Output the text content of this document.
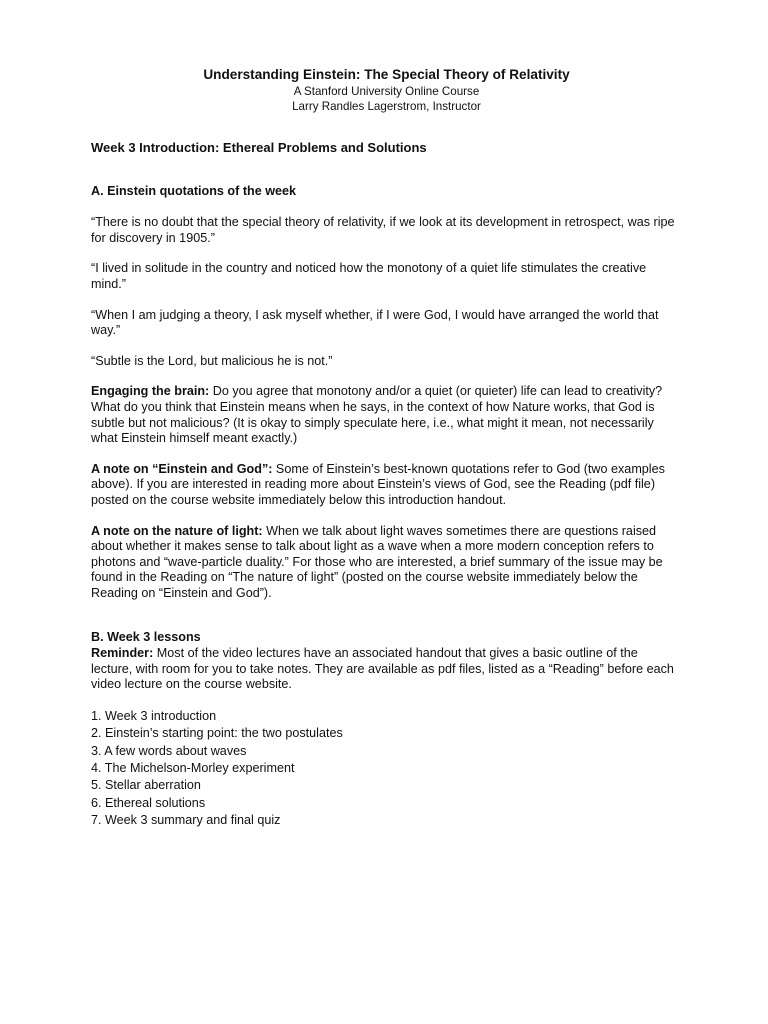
Understanding Einstein: The Special Theory of Relativity
A Stanford University Online Course
Larry Randles Lagerstrom, Instructor
Week 3 Introduction: Ethereal Problems and Solutions
A. Einstein quotations of the week

“There is no doubt that the special theory of relativity, if we look at its development in retrospect, was ripe for discovery in 1905.”

“I lived in solitude in the country and noticed how the monotony of a quiet life stimulates the creative mind.”

“When I am judging a theory, I ask myself whether, if I were God, I would have arranged the world that way.”

“Subtle is the Lord, but malicious he is not.”

Engaging the brain: Do you agree that monotony and/or a quiet (or quieter) life can lead to creativity? What do you think that Einstein means when he says, in the context of how Nature works, that God is subtle but not malicious? (It is okay to simply speculate here, i.e., what might it mean, not necessarily what Einstein himself meant exactly.)

A note on “Einstein and God”: Some of Einstein’s best-known quotations refer to God (two examples above). If you are interested in reading more about Einstein’s views of God, see the Reading (pdf file) posted on the course website immediately below this introduction handout.

A note on the nature of light: When we talk about light waves sometimes there are questions raised about whether it makes sense to talk about light as a wave when a more modern conception refers to photons and “wave-particle duality.” For those who are interested, a brief summary of the issue may be found in the Reading on “The nature of light” (posted on the course website immediately below the Reading on “Einstein and God”).

B. Week 3 lessons

Reminder: Most of the video lectures have an associated handout that gives a basic outline of the lecture, with room for you to take notes. They are available as pdf files, listed as a “Reading” before each video lecture on the course website.

1. Week 3 introduction
2. Einstein’s starting point: the two postulates
3. A few words about waves
4. The Michelson-Morley experiment
5. Stellar aberration
6. Ethereal solutions
7. Week 3 summary and final quiz
